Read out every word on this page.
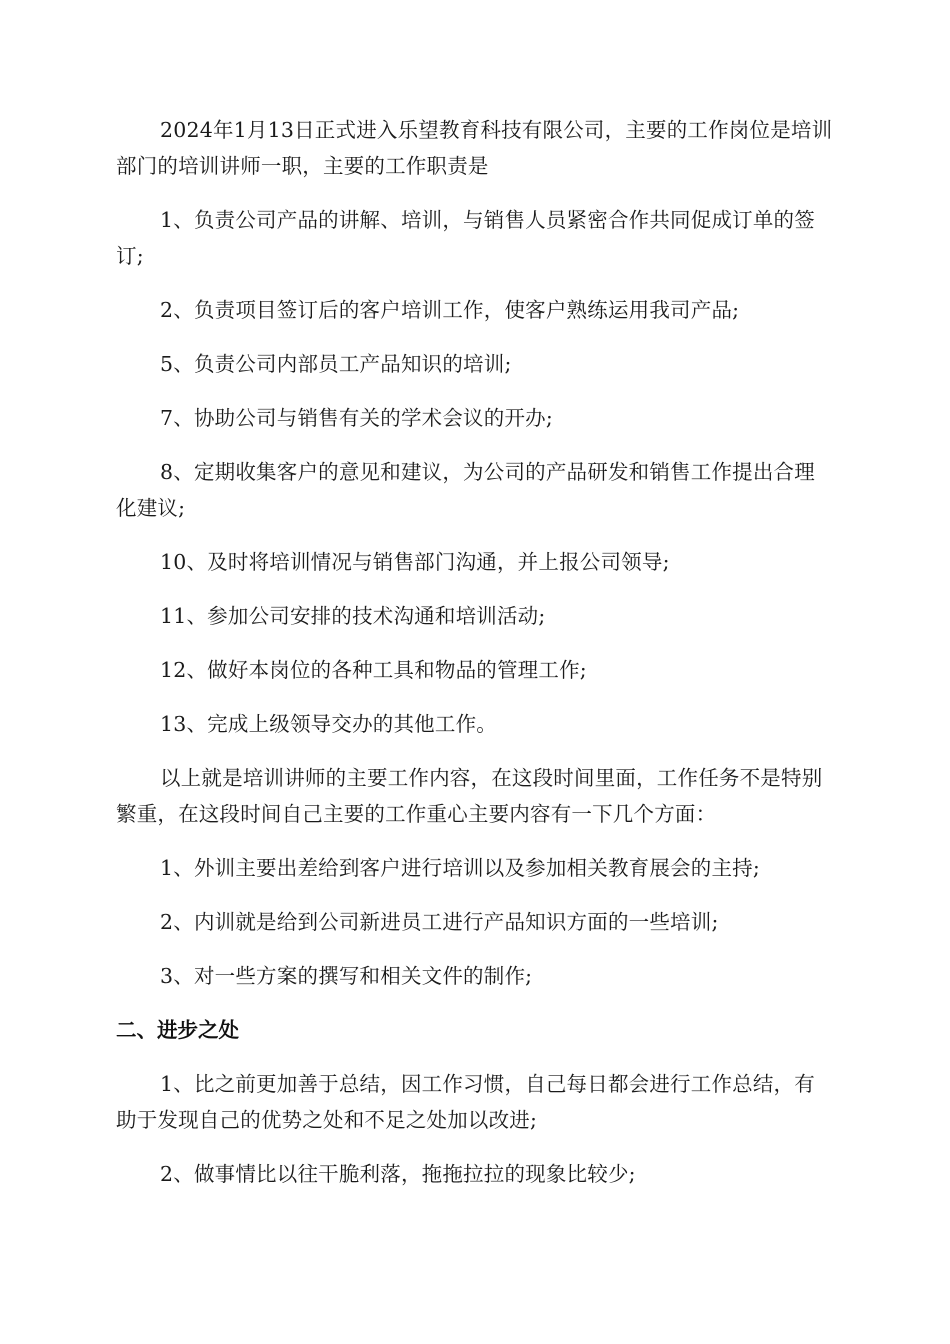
2024年1月13日正式进入乐望教育科技有限公司，主要的工作岗位是培训部门的培训讲师一职，主要的工作职责是

1、负责公司产品的讲解、培训，与销售人员紧密合作共同促成订单的签订;

2、负责项目签订后的客户培训工作，使客户熟练运用我司产品;

5、负责公司内部员工产品知识的培训;

7、协助公司与销售有关的学术会议的开办;

8、定期收集客户的意见和建议，为公司的产品研发和销售工作提出合理化建议;

10、及时将培训情况与销售部门沟通，并上报公司领导;

11、参加公司安排的技术沟通和培训活动;

12、做好本岗位的各种工具和物品的管理工作;

13、完成上级领导交办的其他工作。

以上就是培训讲师的主要工作内容，在这段时间里面，工作任务不是特别繁重，在这段时间自己主要的工作重心主要内容有一下几个方面：

1、外训主要出差给到客户进行培训以及参加相关教育展会的主持;

2、内训就是给到公司新进员工进行产品知识方面的一些培训;

3、对一些方案的撰写和相关文件的制作;

二、进步之处

1、比之前更加善于总结，因工作习惯，自己每日都会进行工作总结，有助于发现自己的优势之处和不足之处加以改进;

2、做事情比以往干脆利落，拖拖拉拉的现象比较少;
